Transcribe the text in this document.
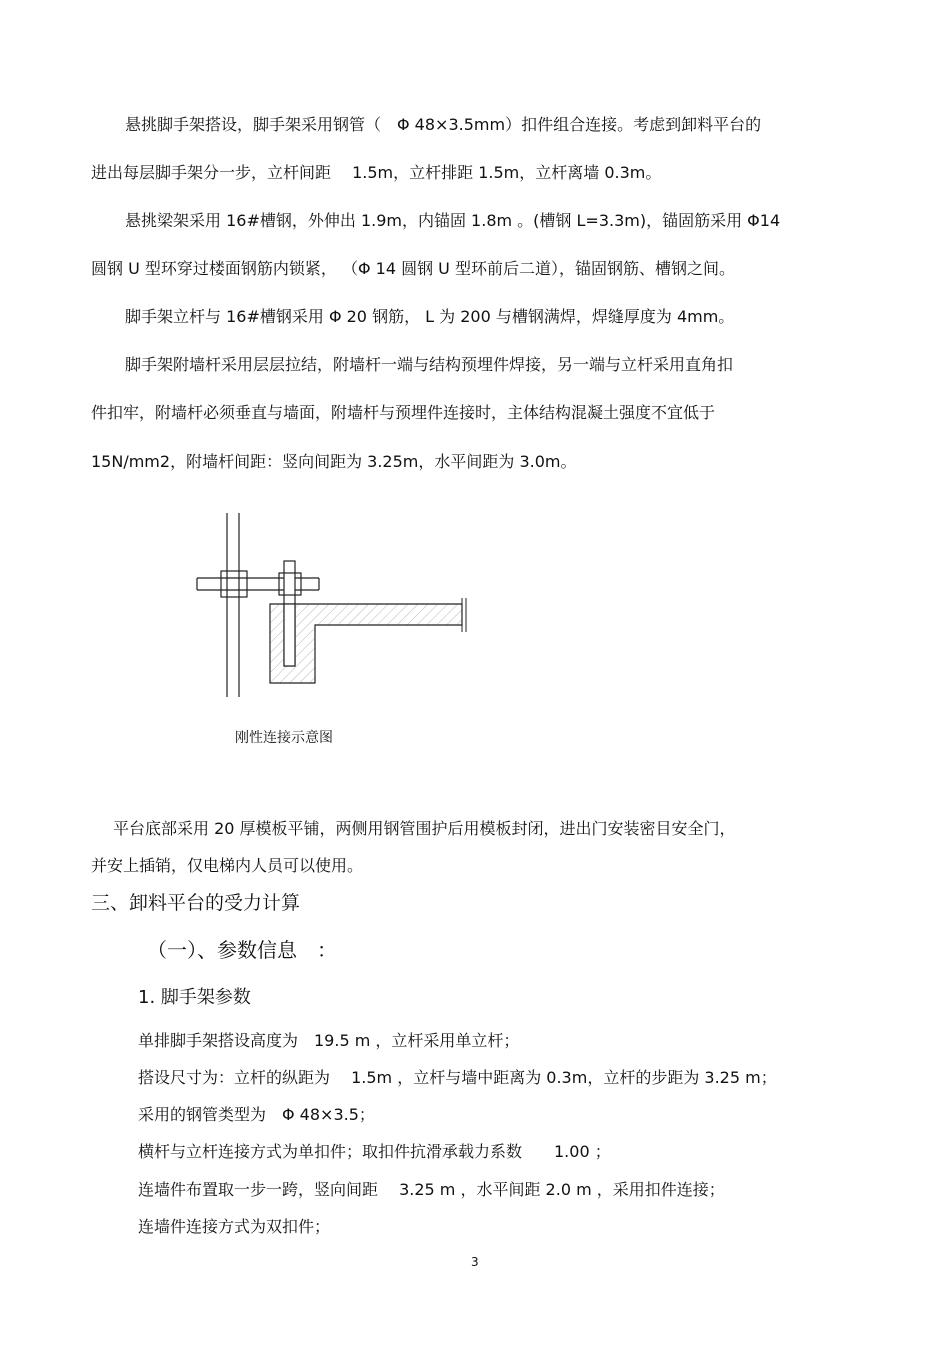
悬挑脚手架搭设，脚手架采用钢管（　Φ 48×3.5mm）扣件组合连接。考虑到卸料平台的
进出每层脚手架分一步，立杆间距　 1.5m，立杆排距 1.5m，立杆离墙 0.3m。
悬挑梁架采用 16#槽钢，外伸出 1.9m，内锚固 1.8m 。(槽钢 L=3.3m)，锚固筋采用 Φ14
圆钢 U 型环穿过楼面钢筋内锁紧， （Φ 14 圆钢 U 型环前后二道），锚固钢筋、槽钢之间。
脚手架立杆与 16#槽钢采用 Φ 20 钢筋， L 为 200 与槽钢满焊，焊缝厚度为 4mm。
脚手架附墙杆采用层层拉结，附墙杆一端与结构预埋件焊接，另一端与立杆采用直角扣
件扣牢，附墙杆必须垂直与墙面，附墙杆与预埋件连接时，主体结构混凝土强度不宜低于
15N/mm2，附墙杆间距：竖向间距为 3.25m，水平间距为 3.0m。
刚性连接示意图
平台底部采用 20 厚模板平铺，两侧用钢管围护后用模板封闭，进出门安装密目安全门，
并安上插销，仅电梯内人员可以使用。
三、卸料平台的受力计算
（一）、参数信息　：
1. 脚手架参数
单排脚手架搭设高度为　19.5 m ，立杆采用单立杆；
搭设尺寸为：立杆的纵距为　 1.5m ，立杆与墙中距离为 0.3m，立杆的步距为 3.25 m；
采用的钢管类型为　Φ 48×3.5；
横杆与立杆连接方式为单扣件；取扣件抗滑承载力系数　　1.00 ；
连墙件布置取一步一跨，竖向间距　 3.25 m ，水平间距 2.0 m ，采用扣件连接；
连墙件连接方式为双扣件；
3
